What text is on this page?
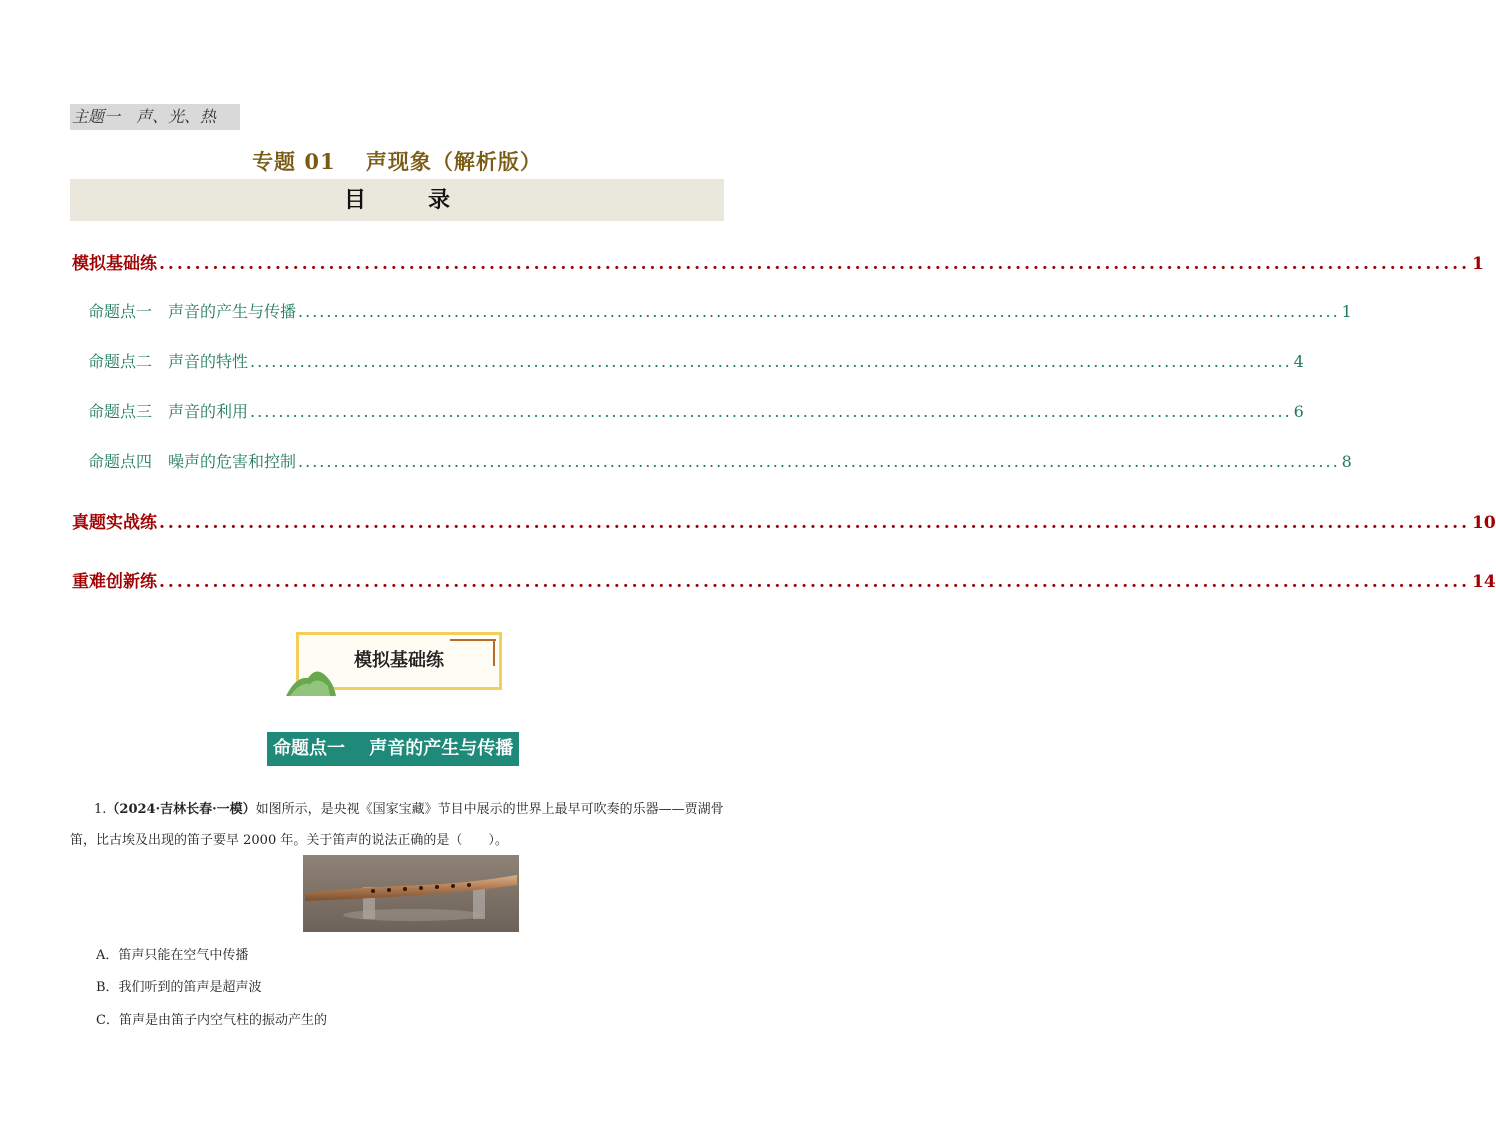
主题一　声、光、热
专题 01　 声现象（解析版）
目　录
模拟基础练 ................................................................................................................................................... 1
命题点一　声音的产生与传播 ................................................................................................................................................... 1
命题点二　声音的特性 ................................................................................................................................................... 4
命题点三　声音的利用 ................................................................................................................................................... 6
命题点四　噪声的危害和控制 ................................................................................................................................................... 8
真题实战练 ................................................................................................................................................... 10
重难创新练 ................................................................................................................................................... 14
模拟基础练
命题点一　 声音的产生与传播
1.（2024·吉林长春·一模）如图所示，是央视《国家宝藏》节目中展示的世界上最早可吹奏的乐器——贾湖骨笛，比古埃及出现的笛子要早 2000 年。关于笛声的说法正确的是（　　）。
A．笛声只能在空气中传播
B．我们听到的笛声是超声波
C．笛声是由笛子内空气柱的振动产生的
